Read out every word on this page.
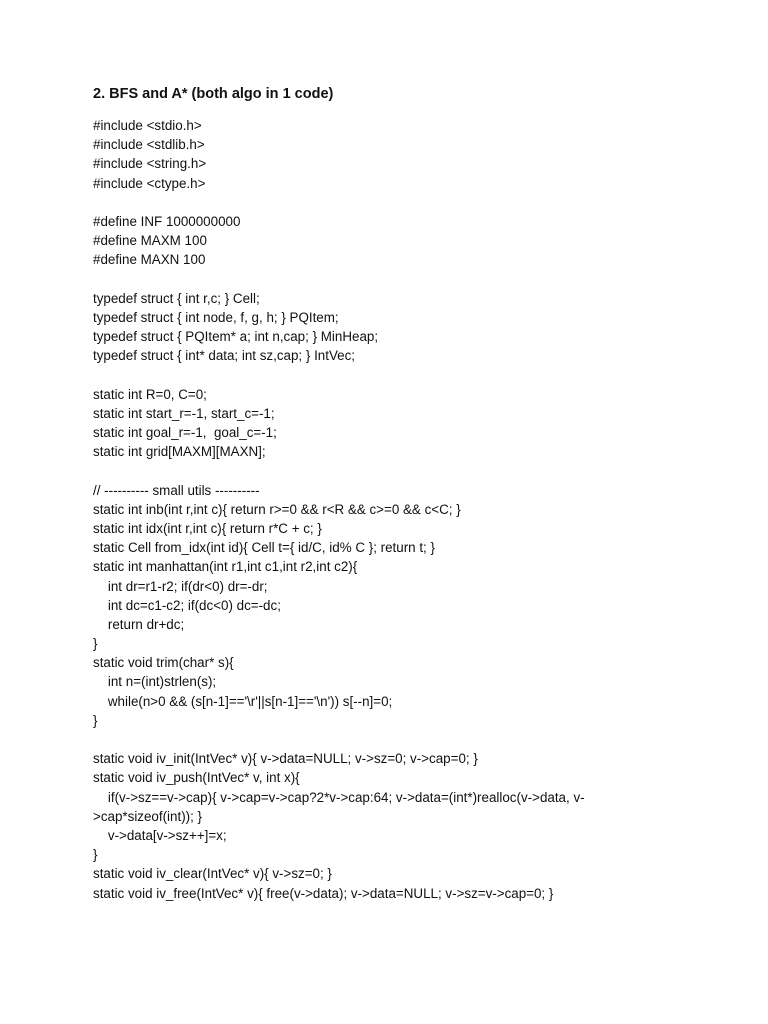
2. BFS and A* (both algo in 1 code)
#include <stdio.h>
#include <stdlib.h>
#include <string.h>
#include <ctype.h>
#define INF 1000000000
#define MAXM 100
#define MAXN 100
typedef struct { int r,c; } Cell;
typedef struct { int node, f, g, h; } PQItem;
typedef struct { PQItem* a; int n,cap; } MinHeap;
typedef struct { int* data; int sz,cap; } IntVec;
static int R=0, C=0;
static int start_r=-1, start_c=-1;
static int goal_r=-1,  goal_c=-1;
static int grid[MAXM][MAXN];
// ---------- small utils ----------
static int inb(int r,int c){ return r>=0 && r<R && c>=0 && c<C; }
static int idx(int r,int c){ return r*C + c; }
static Cell from_idx(int id){ Cell t={ id/C, id% C }; return t; }
static int manhattan(int r1,int c1,int r2,int c2){
int dr=r1-r2; if(dr<0) dr=-dr;
int dc=c1-c2; if(dc<0) dc=-dc;
return dr+dc;
}
static void trim(char* s){
int n=(int)strlen(s);
while(n>0 && (s[n-1]=='\r'||s[n-1]=='\n')) s[--n]=0;
}
static void iv_init(IntVec* v){ v->data=NULL; v->sz=0; v->cap=0; }
static void iv_push(IntVec* v, int x){
if(v->sz==v->cap){ v->cap=v->cap?2*v->cap:64; v->data=(int*)realloc(v->data, v-
>cap*sizeof(int)); }
v->data[v->sz++]=x;
}
static void iv_clear(IntVec* v){ v->sz=0; }
static void iv_free(IntVec* v){ free(v->data); v->data=NULL; v->sz=v->cap=0; }
